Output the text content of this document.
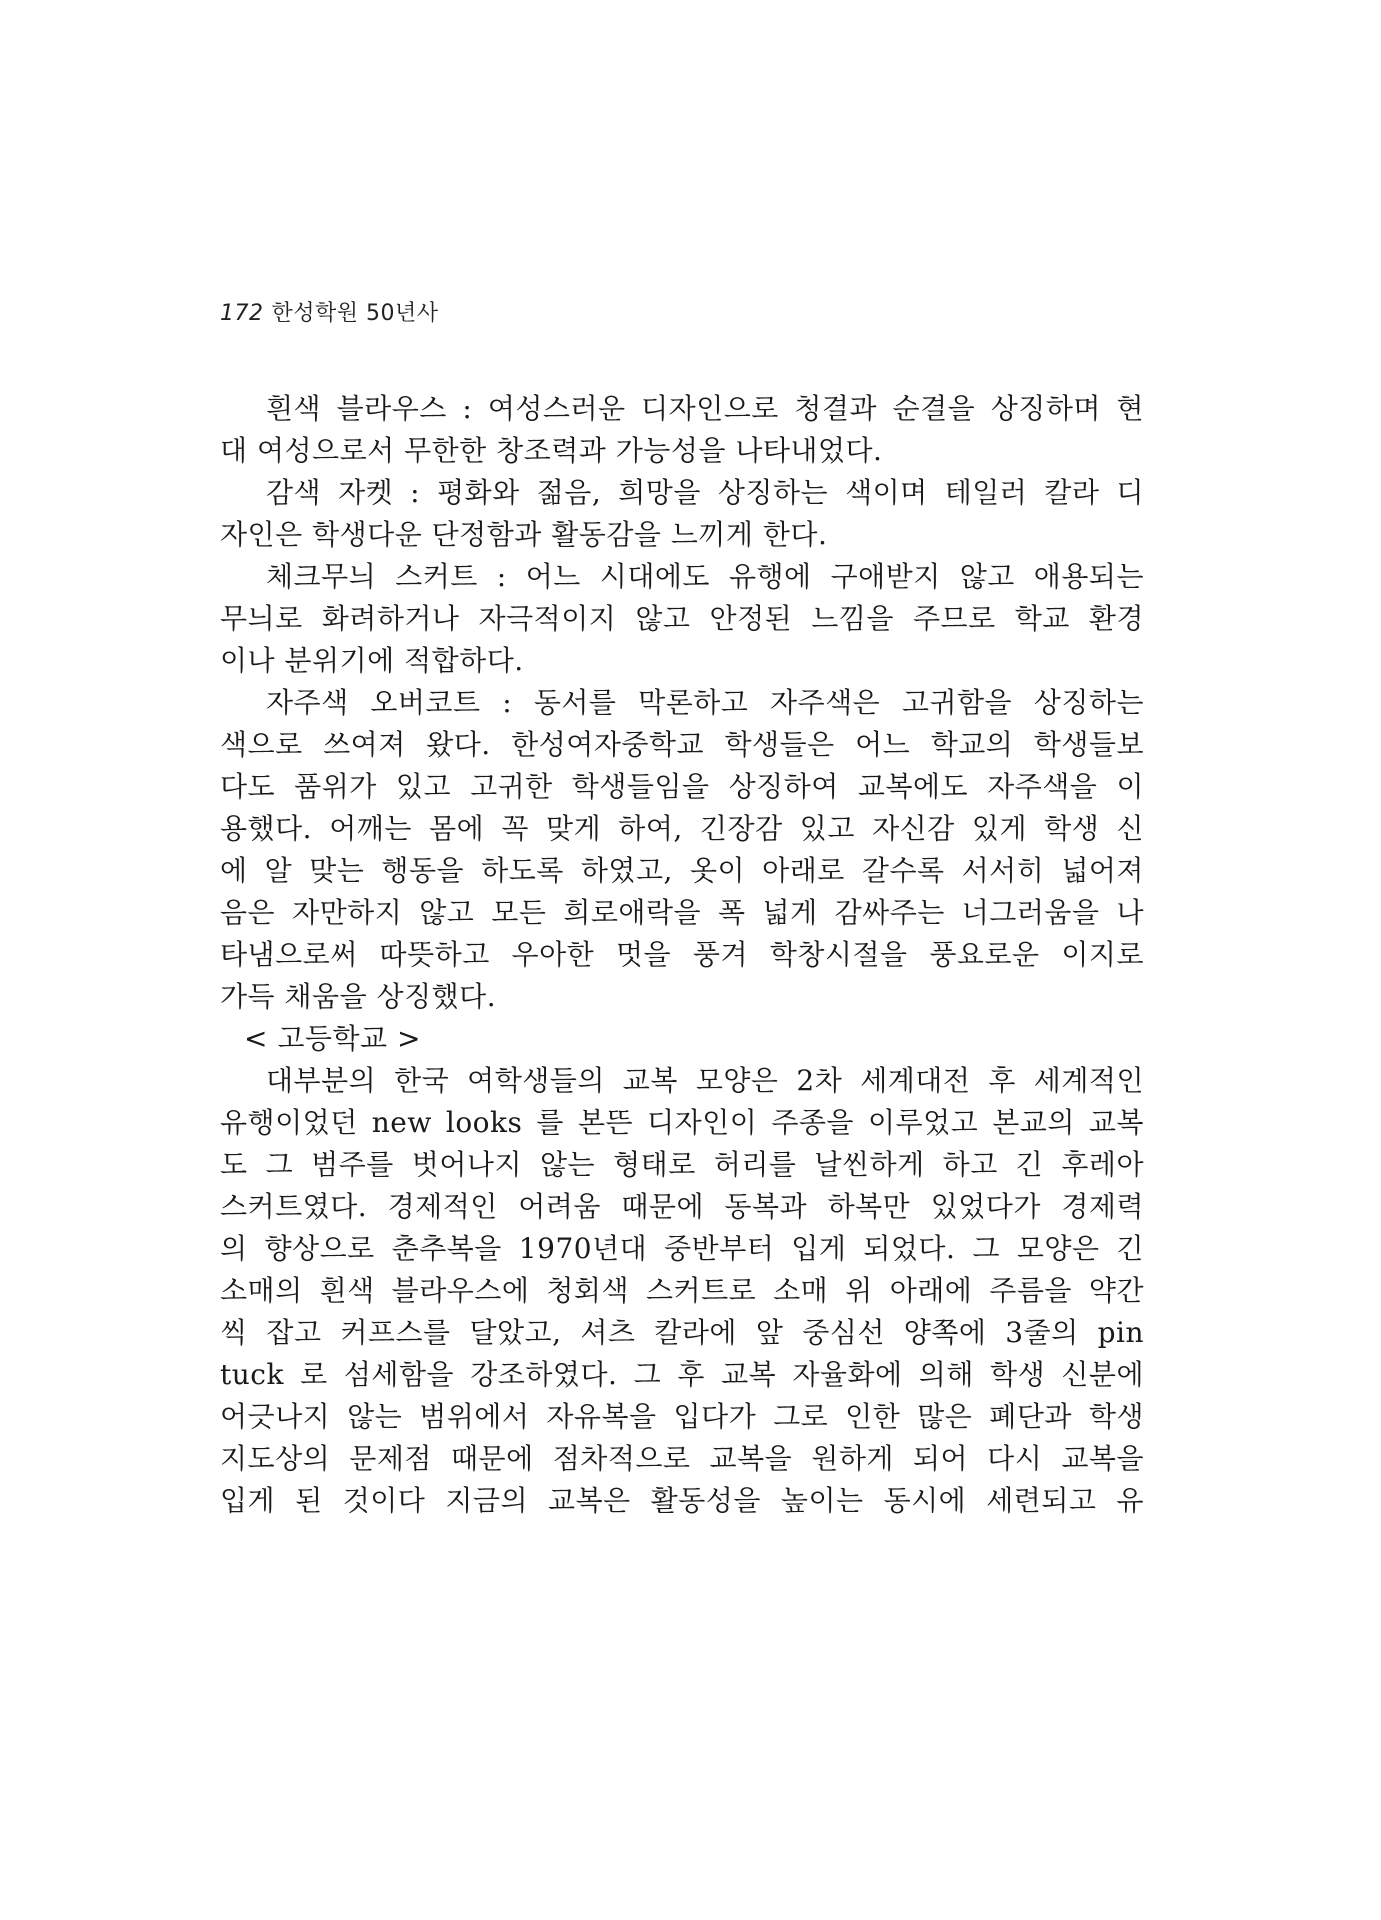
172 한성학원 50년사
흰색 블라우스 : 여성스러운 디자인으로 청결과 순결을 상징하며 현
대 여성으로서 무한한 창조력과 가능성을 나타내었다.
감색 자켓 : 평화와 젊음, 희망을 상징하는 색이며 테일러 칼라 디
자인은 학생다운 단정함과 활동감을 느끼게 한다.
체크무늬 스커트 : 어느 시대에도 유행에 구애받지 않고 애용되는
무늬로 화려하거나 자극적이지 않고 안정된 느낌을 주므로 학교 환경
이나 분위기에 적합하다.
자주색 오버코트 : 동서를 막론하고 자주색은 고귀함을 상징하는
색으로 쓰여져 왔다. 한성여자중학교 학생들은 어느 학교의 학생들보
다도 품위가 있고 고귀한 학생들임을 상징하여 교복에도 자주색을 이
용했다. 어깨는 몸에 꼭 맞게 하여, 긴장감 있고 자신감 있게 학생 신
에 알 맞는 행동을 하도록 하였고, 옷이 아래로 갈수록 서서히 넓어져
음은 자만하지 않고 모든 희로애락을 폭 넓게 감싸주는 너그러움을 나
타냄으로써 따뜻하고 우아한 멋을 풍겨 학창시절을 풍요로운 이지로
가득 채움을 상징했다.
< 고등학교 >
대부분의 한국 여학생들의 교복 모양은 2차 세계대전 후 세계적인
유행이었던 new looks 를 본뜬 디자인이 주종을 이루었고 본교의 교복
도 그 범주를 벗어나지 않는 형태로 허리를 날씬하게 하고 긴 후레아
스커트였다. 경제적인 어려움 때문에 동복과 하복만 있었다가 경제력
의 향상으로 춘추복을 1970년대 중반부터 입게 되었다. 그 모양은 긴
소매의 흰색 블라우스에 청회색 스커트로 소매 위 아래에 주름을 약간
씩 잡고 커프스를 달았고, 셔츠 칼라에 앞 중심선 양쪽에 3줄의 pin
tuck 로 섬세함을 강조하였다. 그 후 교복 자율화에 의해 학생 신분에
어긋나지 않는 범위에서 자유복을 입다가 그로 인한 많은 폐단과 학생
지도상의 문제점 때문에 점차적으로 교복을 원하게 되어 다시 교복을
입게 된 것이다 지금의 교복은 활동성을 높이는 동시에 세련되고 유
